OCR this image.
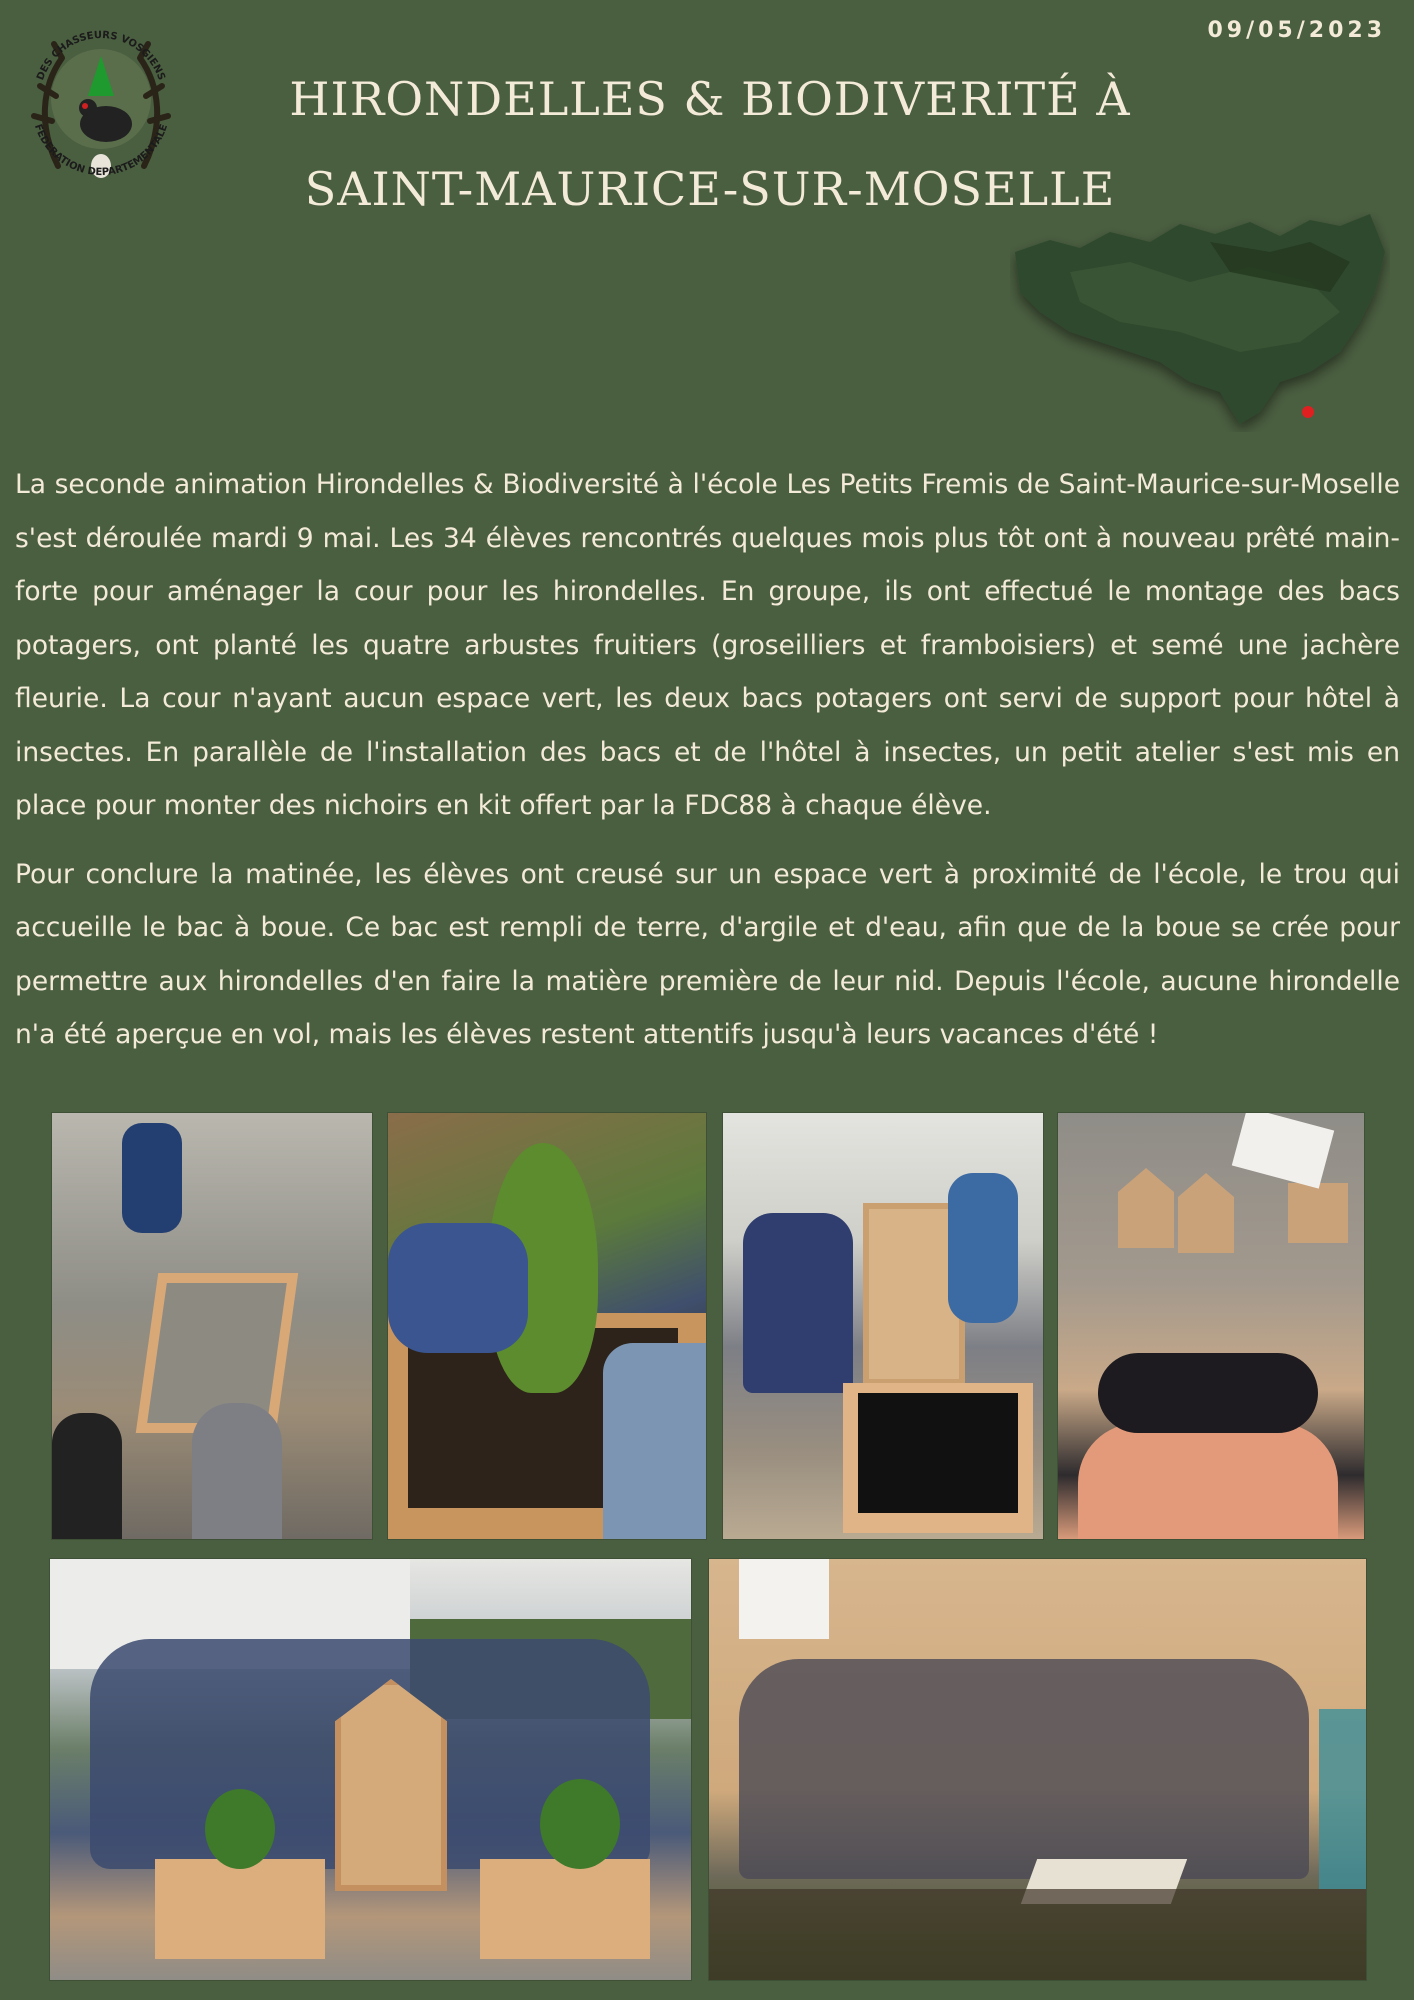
09/05/2023
DES CHASSEURS VOSGIENS
FEDERATION DEPARTEMENTALE
HIRONDELLES & BIODIVERITÉ À
SAINT-MAURICE-SUR-MOSELLE

La seconde animation Hirondelles & Biodiversité à l'école Les Petits Fremis de Saint-Maurice-sur-Moselle s'est déroulée mardi 9 mai. Les 34 élèves rencontrés quelques mois plus tôt ont à nouveau prêté main-forte pour aménager la cour pour les hirondelles. En groupe, ils ont effectué le montage des bacs potagers, ont planté les quatre arbustes fruitiers (groseilliers et framboisiers) et semé une jachère fleurie. La cour n'ayant aucun espace vert, les deux bacs potagers ont servi de support pour hôtel à insectes. En parallèle de l'installation des bacs et de l'hôtel à insectes, un petit atelier s'est mis en place pour monter des nichoirs en kit offert par la FDC88 à chaque élève.

Pour conclure la matinée, les élèves ont creusé sur un espace vert à proximité de l'école, le trou qui accueille le bac à boue. Ce bac est rempli de terre, d'argile et d'eau, afin que de la boue se crée pour permettre aux hirondelles d'en faire la matière première de leur nid. Depuis l'école, aucune hirondelle n'a été aperçue en vol, mais les élèves restent attentifs jusqu'à leurs vacances d'été !
